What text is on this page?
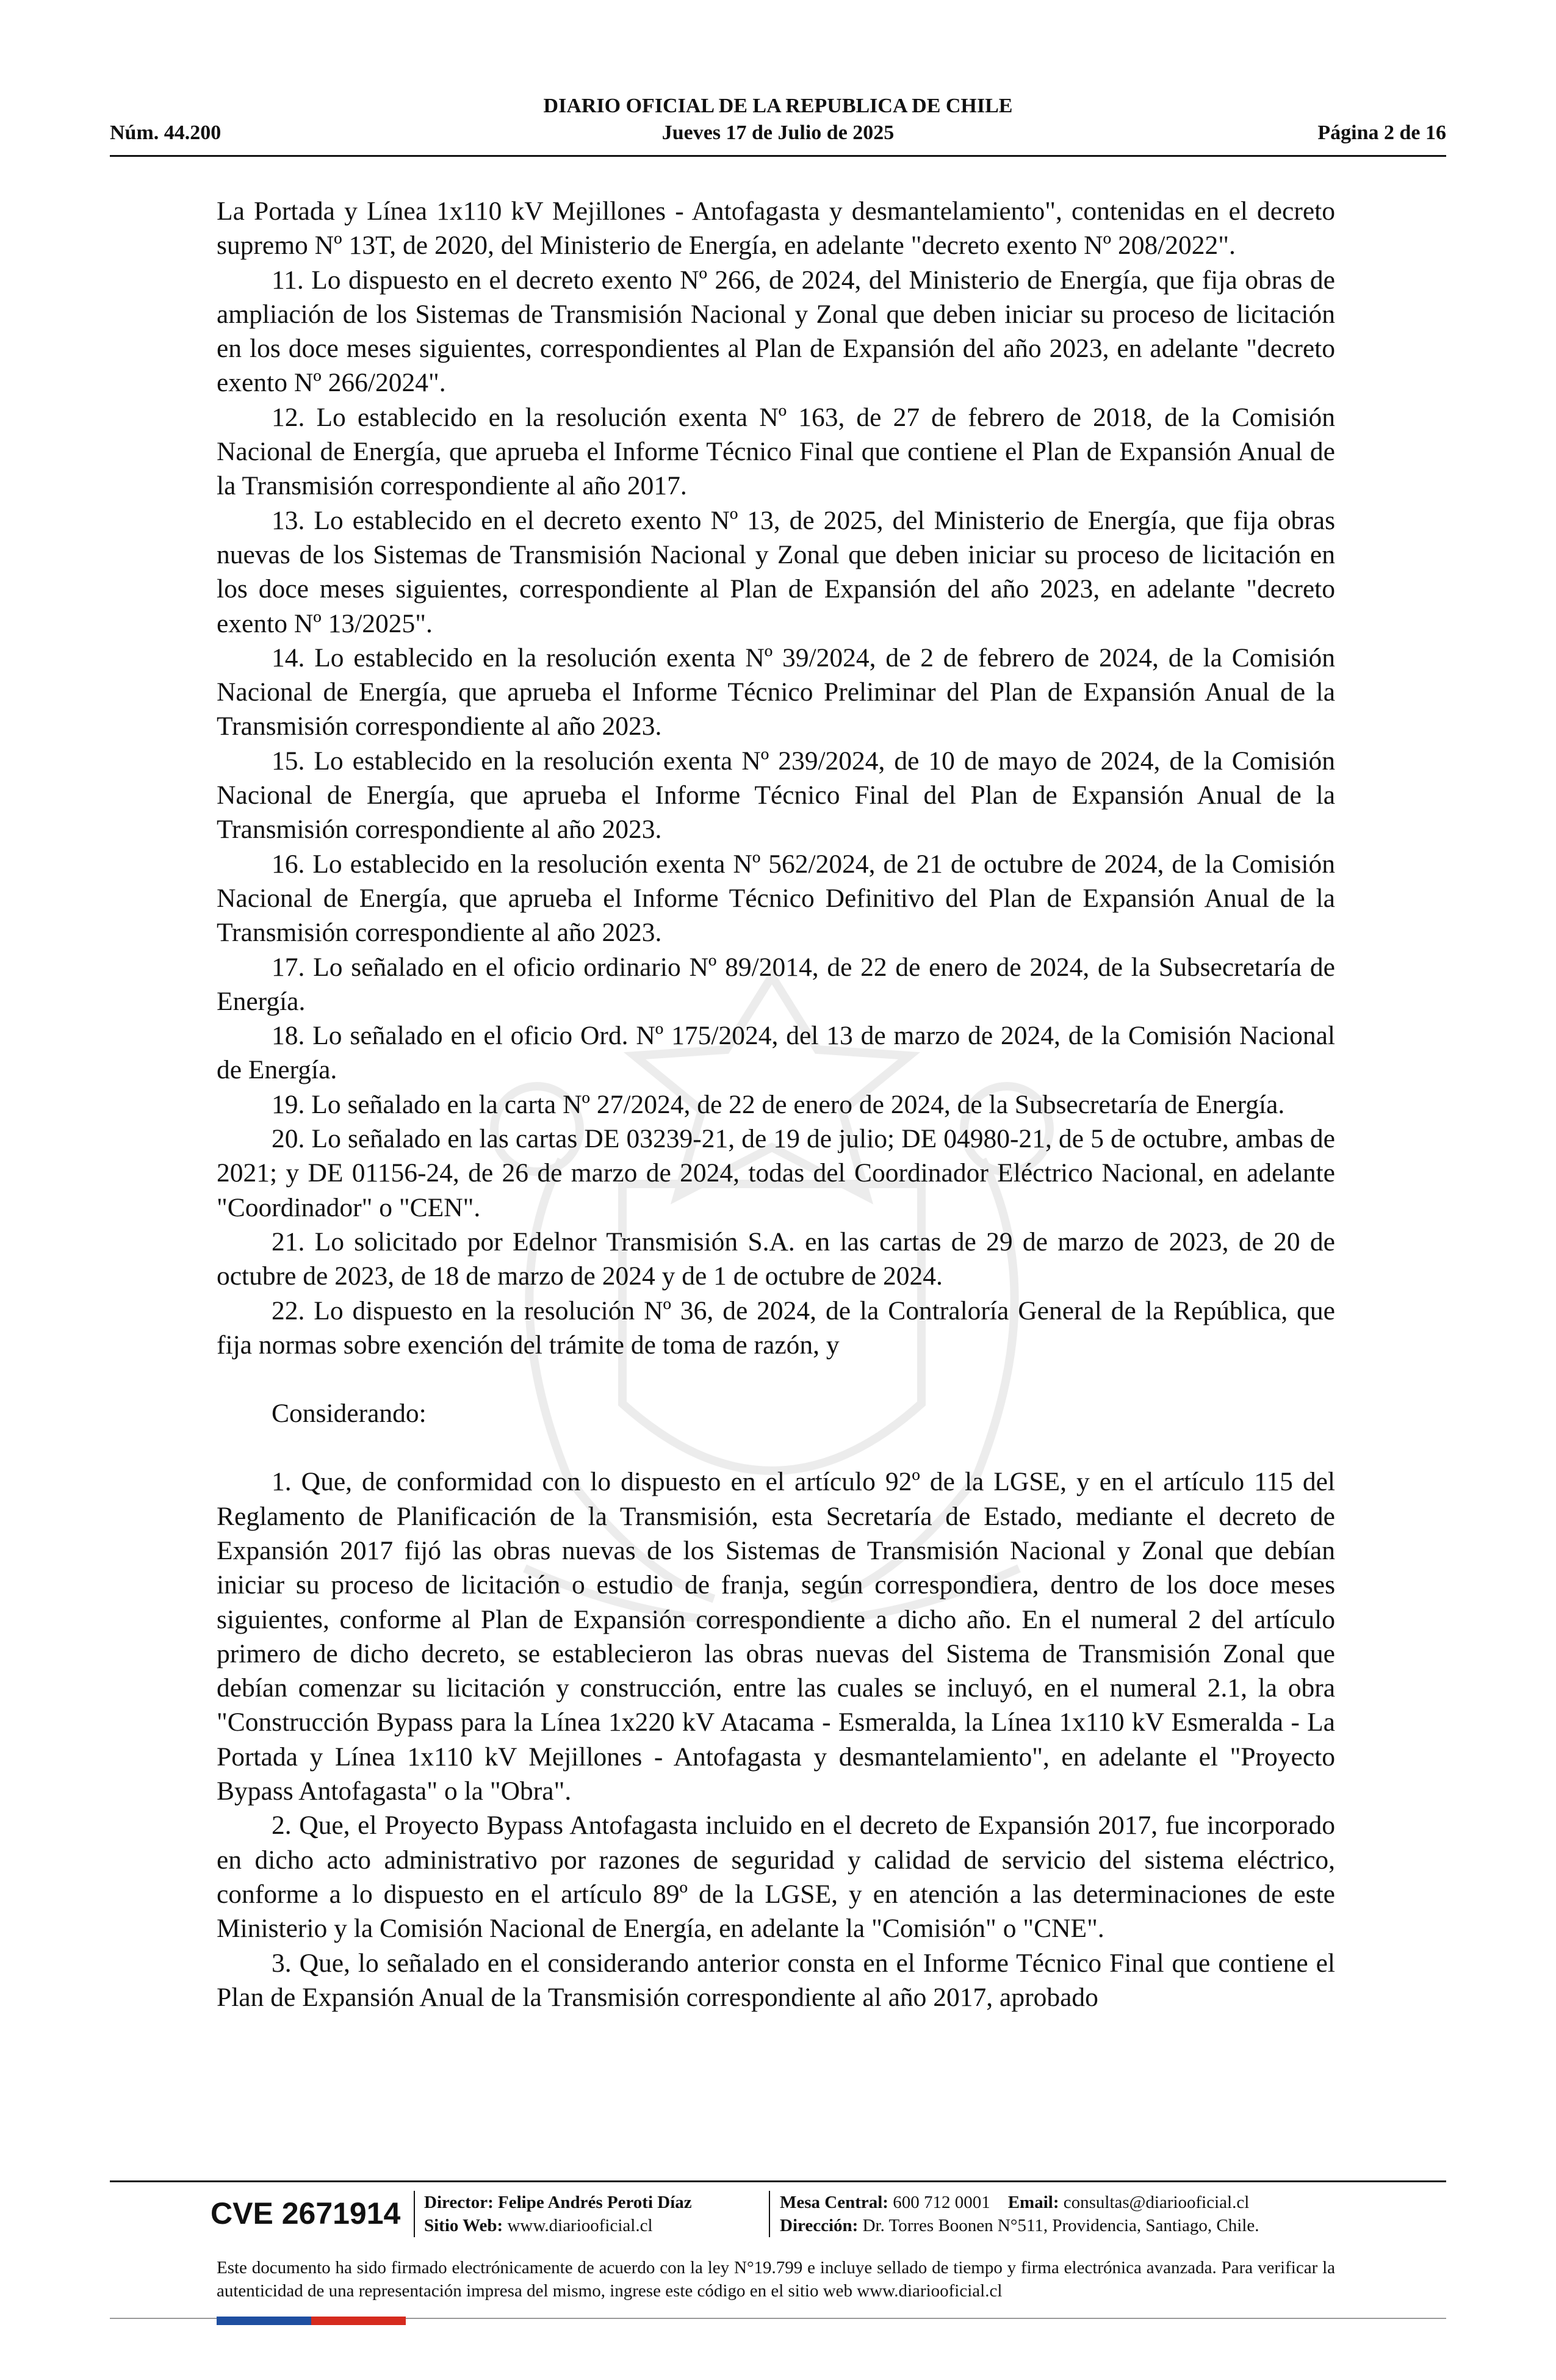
DIARIO OFICIAL DE LA REPUBLICA DE CHILE
Núm. 44.200	Jueves 17 de Julio de 2025	Página 2 de 16

La Portada y Línea 1x110 kV Mejillones - Antofagasta y desmantelamiento", contenidas en el decreto supremo Nº 13T, de 2020, del Ministerio de Energía, en adelante "decreto exento Nº 208/2022".

11. Lo dispuesto en el decreto exento Nº 266, de 2024, del Ministerio de Energía, que fija obras de ampliación de los Sistemas de Transmisión Nacional y Zonal que deben iniciar su proceso de licitación en los doce meses siguientes, correspondientes al Plan de Expansión del año 2023, en adelante "decreto exento Nº 266/2024".

12. Lo establecido en la resolución exenta Nº 163, de 27 de febrero de 2018, de la Comisión Nacional de Energía, que aprueba el Informe Técnico Final que contiene el Plan de Expansión Anual de la Transmisión correspondiente al año 2017.

13. Lo establecido en el decreto exento Nº 13, de 2025, del Ministerio de Energía, que fija obras nuevas de los Sistemas de Transmisión Nacional y Zonal que deben iniciar su proceso de licitación en los doce meses siguientes, correspondiente al Plan de Expansión del año 2023, en adelante "decreto exento Nº 13/2025".

14. Lo establecido en la resolución exenta Nº 39/2024, de 2 de febrero de 2024, de la Comisión Nacional de Energía, que aprueba el Informe Técnico Preliminar del Plan de Expansión Anual de la Transmisión correspondiente al año 2023.

15. Lo establecido en la resolución exenta Nº 239/2024, de 10 de mayo de 2024, de la Comisión Nacional de Energía, que aprueba el Informe Técnico Final del Plan de Expansión Anual de la Transmisión correspondiente al año 2023.

16. Lo establecido en la resolución exenta Nº 562/2024, de 21 de octubre de 2024, de la Comisión Nacional de Energía, que aprueba el Informe Técnico Definitivo del Plan de Expansión Anual de la Transmisión correspondiente al año 2023.

17. Lo señalado en el oficio ordinario Nº 89/2014, de 22 de enero de 2024, de la Subsecretaría de Energía.

18. Lo señalado en el oficio Ord. Nº 175/2024, del 13 de marzo de 2024, de la Comisión Nacional de Energía.

19. Lo señalado en la carta Nº 27/2024, de 22 de enero de 2024, de la Subsecretaría de Energía.

20. Lo señalado en las cartas DE 03239-21, de 19 de julio; DE 04980-21, de 5 de octubre, ambas de 2021; y DE 01156-24, de 26 de marzo de 2024, todas del Coordinador Eléctrico Nacional, en adelante "Coordinador" o "CEN".

21. Lo solicitado por Edelnor Transmisión S.A. en las cartas de 29 de marzo de 2023, de 20 de octubre de 2023, de 18 de marzo de 2024 y de 1 de octubre de 2024.

22. Lo dispuesto en la resolución Nº 36, de 2024, de la Contraloría General de la República, que fija normas sobre exención del trámite de toma de razón, y

Considerando:

1. Que, de conformidad con lo dispuesto en el artículo 92º de la LGSE, y en el artículo 115 del Reglamento de Planificación de la Transmisión, esta Secretaría de Estado, mediante el decreto de Expansión 2017 fijó las obras nuevas de los Sistemas de Transmisión Nacional y Zonal que debían iniciar su proceso de licitación o estudio de franja, según correspondiera, dentro de los doce meses siguientes, conforme al Plan de Expansión correspondiente a dicho año. En el numeral 2 del artículo primero de dicho decreto, se establecieron las obras nuevas del Sistema de Transmisión Zonal que debían comenzar su licitación y construcción, entre las cuales se incluyó, en el numeral 2.1, la obra "Construcción Bypass para la Línea 1x220 kV Atacama - Esmeralda, la Línea 1x110 kV Esmeralda - La Portada y Línea 1x110 kV Mejillones - Antofagasta y desmantelamiento", en adelante el "Proyecto Bypass Antofagasta" o la "Obra".

2. Que, el Proyecto Bypass Antofagasta incluido en el decreto de Expansión 2017, fue incorporado en dicho acto administrativo por razones de seguridad y calidad de servicio del sistema eléctrico, conforme a lo dispuesto en el artículo 89º de la LGSE, y en atención a las determinaciones de este Ministerio y la Comisión Nacional de Energía, en adelante la "Comisión" o "CNE".

3. Que, lo señalado en el considerando anterior consta en el Informe Técnico Final que contiene el Plan de Expansión Anual de la Transmisión correspondiente al año 2017, aprobado

CVE 2671914 Director: Felipe Andrés Peroti Díaz
Sitio Web: www.diariooficial.cl
Mesa Central: 600 712 0001 Email: consultas@diariooficial.cl
Dirección: Dr. Torres Boonen N°511, Providencia, Santiago, Chile.
Este documento ha sido firmado electrónicamente de acuerdo con la ley N°19.799 e incluye sellado de tiempo y firma electrónica avanzada. Para verificar la autenticidad de una representación impresa del mismo, ingrese este código en el sitio web www.diariooficial.cl
